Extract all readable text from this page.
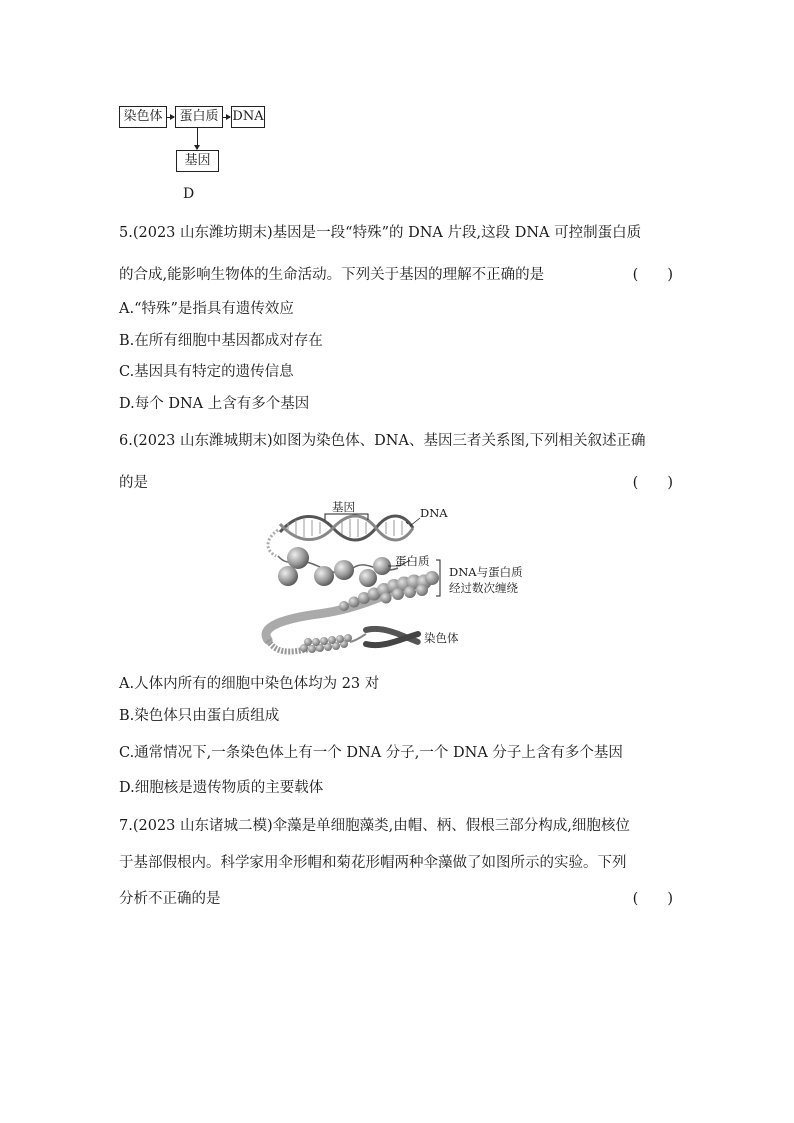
染色体	蛋白质	DNA
基因
D
5.(2023 山东潍坊期末)基因是一段“特殊”的 DNA 片段,这段 DNA 可控制蛋白质
的合成,能影响生物体的生命活动。下列关于基因的理解不正确的是	(　　)
A.“特殊”是指具有遗传效应
B.在所有细胞中基因都成对存在
C.基因具有特定的遗传信息
D.每个 DNA 上含有多个基因
6.(2023 山东潍城期末)如图为染色体、DNA、基因三者关系图,下列相关叙述正确
的是	(　　)
基因	DNA
蛋白质
DNA与蛋白质
经过数次缠绕
染色体
A.人体内所有的细胞中染色体均为 23 对
B.染色体只由蛋白质组成
C.通常情况下,一条染色体上有一个 DNA 分子,一个 DNA 分子上含有多个基因
D.细胞核是遗传物质的主要载体
7.(2023 山东诸城二模)伞藻是单细胞藻类,由帽、柄、假根三部分构成,细胞核位
于基部假根内。科学家用伞形帽和菊花形帽两种伞藻做了如图所示的实验。下列
分析不正确的是	(　　)
